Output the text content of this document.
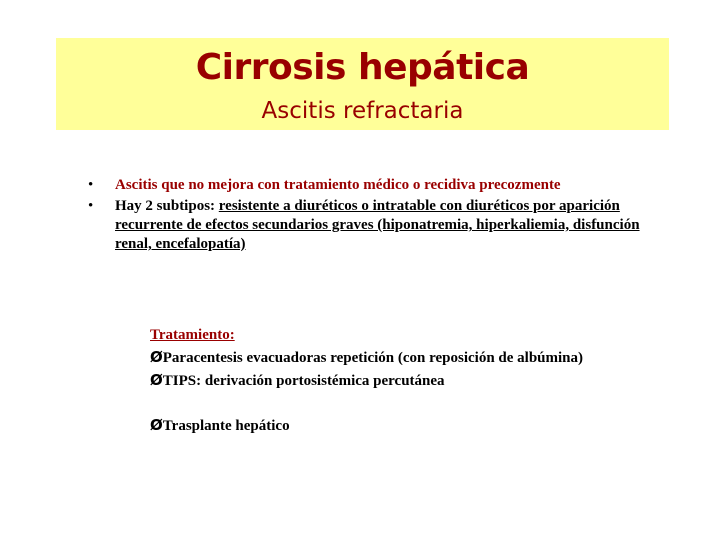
Cirrosis hepática
Ascitis refractaria
• Ascitis que no mejora con tratamiento médico o recidiva precozmente
• Hay 2 subtipos: resistente a diuréticos o intratable con diuréticos por aparición recurrente de efectos secundarios graves (hiponatremia, hiperkaliemia, disfunción renal, encefalopatía)
Tratamiento:
ØParacentesis evacuadoras repetición (con reposición de albúmina)
ØTIPS: derivación portosistémica percutánea
ØTrasplante hepático
